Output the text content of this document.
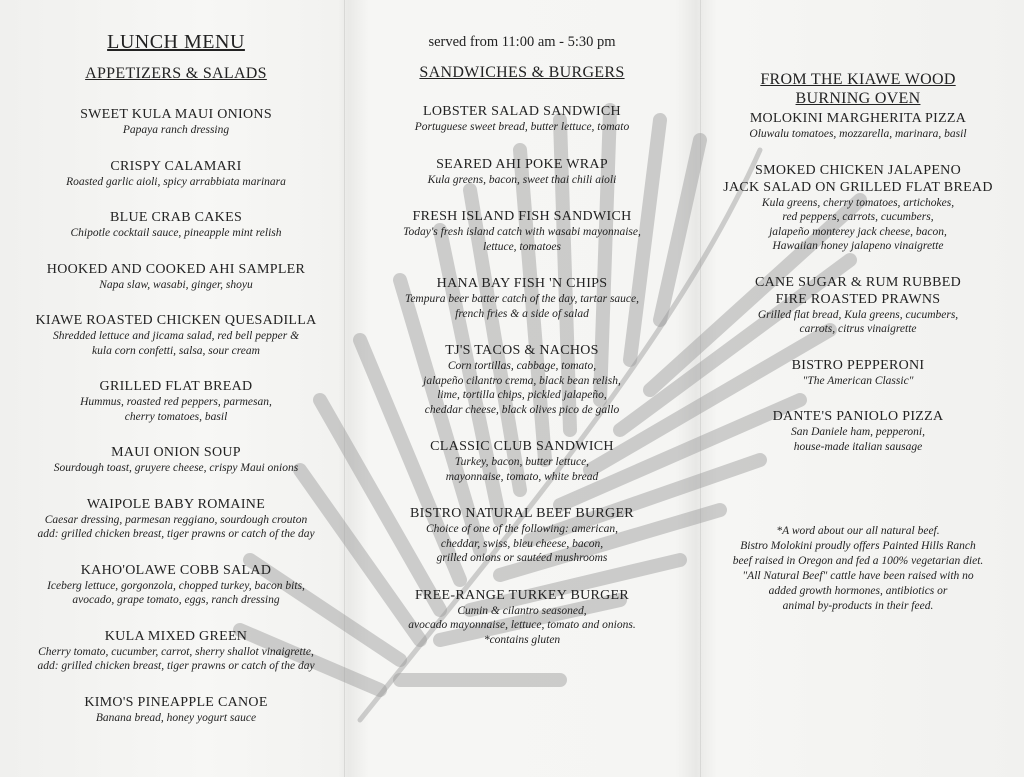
LUNCH MENU
APPETIZERS & SALADS
SWEET KULA MAUI ONIONS
Papaya ranch dressing
CRISPY CALAMARI
Roasted garlic aioli, spicy arrabbiata marinara
BLUE CRAB CAKES
Chipotle cocktail sauce, pineapple mint relish
HOOKED AND COOKED AHI SAMPLER
Napa slaw, wasabi, ginger, shoyu
KIAWE ROASTED CHICKEN QUESADILLA
Shredded lettuce and jicama salad, red bell pepper &
kula corn confetti, salsa, sour cream
GRILLED FLAT BREAD
Hummus, roasted red peppers, parmesan,
cherry tomatoes, basil
MAUI ONION SOUP
Sourdough toast, gruyere cheese, crispy Maui onions
WAIPOLE BABY ROMAINE
Caesar dressing, parmesan reggiano, sourdough crouton
add: grilled chicken breast, tiger prawns or catch of the day
KAHO'OLAWE COBB SALAD
Iceberg lettuce, gorgonzola, chopped turkey, bacon bits,
avocado, grape tomato, eggs, ranch dressing
KULA MIXED GREEN
Cherry tomato, cucumber, carrot, sherry shallot vinaigrette,
add: grilled chicken breast, tiger prawns or catch of the day
KIMO'S PINEAPPLE CANOE
Banana bread, honey yogurt sauce
served from 11:00 am - 5:30 pm
SANDWICHES & BURGERS
LOBSTER SALAD SANDWICH
Portuguese sweet bread, butter lettuce, tomato
SEARED AHI POKE WRAP
Kula greens, bacon, sweet thai chili aioli
FRESH ISLAND FISH SANDWICH
Today's fresh island catch with wasabi mayonnaise,
lettuce, tomatoes
HANA BAY FISH 'N CHIPS
Tempura beer batter catch of the day, tartar sauce,
french fries & a side of salad
TJ'S TACOS & NACHOS
Corn tortillas, cabbage, tomato,
jalapeño cilantro crema, black bean relish,
lime, tortilla chips, pickled jalapeño,
cheddar cheese, black olives pico de gallo
CLASSIC CLUB SANDWICH
Turkey, bacon, butter lettuce,
mayonnaise, tomato, white bread
BISTRO NATURAL BEEF BURGER
Choice of one of the following: american,
cheddar, swiss, bleu cheese, bacon,
grilled onions or sautéed mushrooms
FREE-RANGE TURKEY BURGER
Cumin & cilantro seasoned,
avocado mayonnaise, lettuce, tomato and onions.
*contains gluten
FROM THE KIAWE WOOD
BURNING OVEN
MOLOKINI MARGHERITA PIZZA
Oluwalu tomatoes, mozzarella, marinara, basil
SMOKED CHICKEN JALAPENO
JACK SALAD ON GRILLED FLAT BREAD
Kula greens, cherry tomatoes, artichokes,
red peppers, carrots, cucumbers,
jalapeño monterey jack cheese, bacon,
Hawaiian honey jalapeno vinaigrette
CANE SUGAR & RUM RUBBED
FIRE ROASTED PRAWNS
Grilled flat bread, Kula greens, cucumbers,
carrots, citrus vinaigrette
BISTRO PEPPERONI
"The American Classic"
DANTE'S PANIOLO PIZZA
San Daniele ham, pepperoni,
house-made italian sausage
*A word about our all natural beef.
Bistro Molokini proudly offers Painted Hills Ranch
beef raised in Oregon and fed a 100% vegetarian diet.
"All Natural Beef" cattle have been raised with no
added growth hormones, antibiotics or
animal by-products in their feed.
